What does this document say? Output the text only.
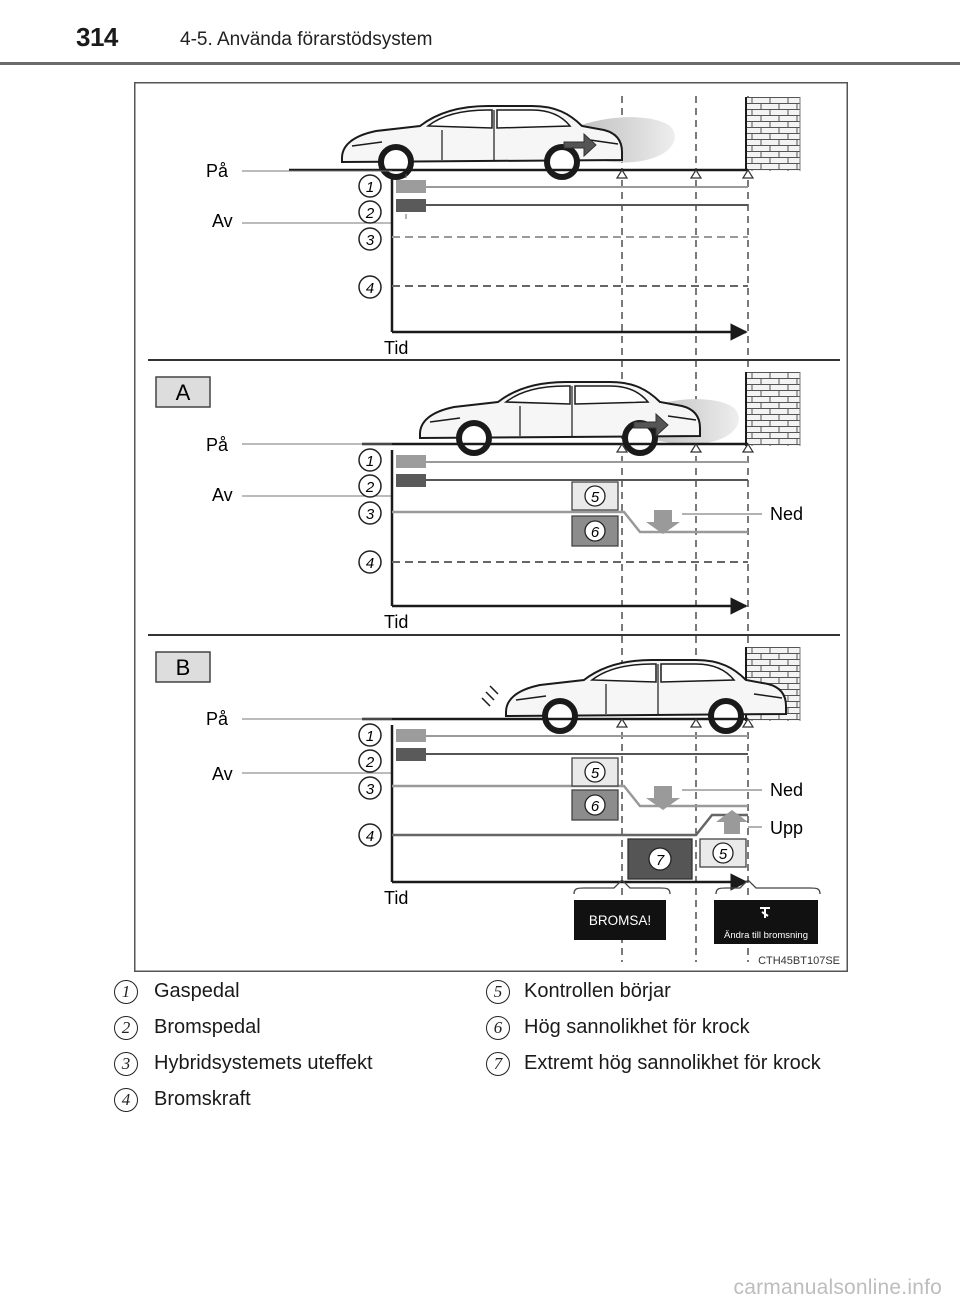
314	4-5. Använda förarstödsystem
1
2
3
4
På
Av
Tid
A
5
6
1
2
3
4
På
Av
Ned
Tid
B
5
6
7	5
1
2
3
4
På
Av
Ned
Upp
Tid
BROMSA!
Ändra till bromsning
CTH45BT107SE
1	Gaspedal
2	Bromspedal
3	Hybridsystemets uteffekt
4	Bromskraft
5	Kontrollen börjar
6	Hög sannolikhet för krock
7	Extremt hög sannolikhet för krock
carmanualsonline.info
